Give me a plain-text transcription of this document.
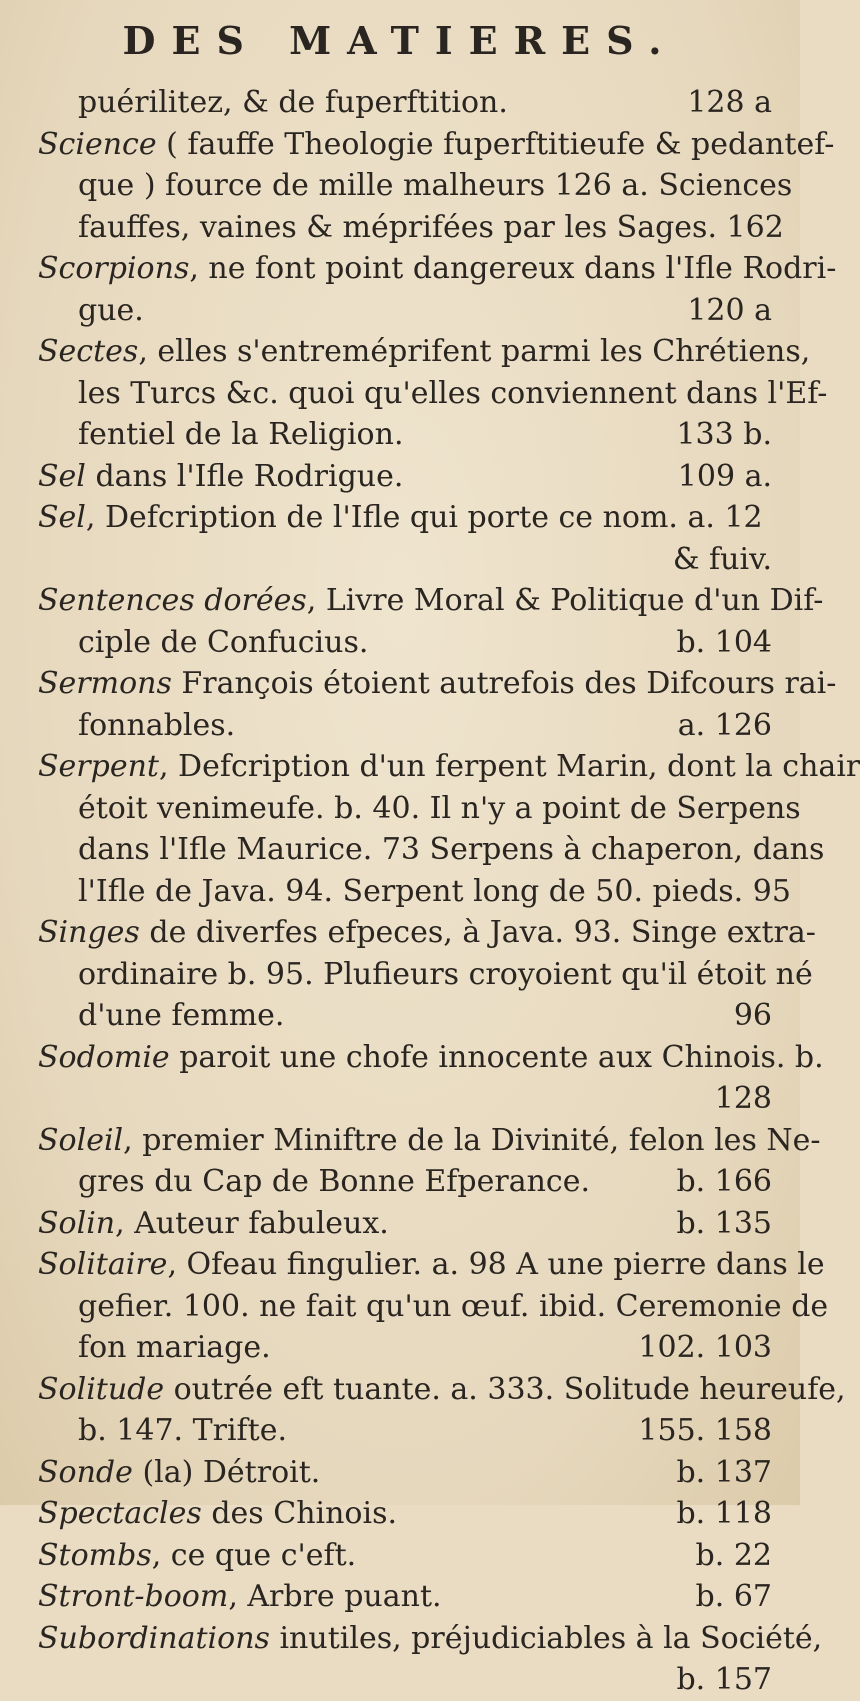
DES MATIERES.
puérilitez, & de fuperftition.	128 a
Science ( fauffe Theologie fuperftitieufe & pedantef-
que ) fource de mille malheurs 126 a. Sciences
fauffes, vaines & méprifées par les Sages. 162
Scorpions, ne font point dangereux dans l'Ifle Rodri-
gue.	120 a
Sectes, elles s'entreméprifent parmi les Chrétiens,
les Turcs &c. quoi qu'elles conviennent dans l'Ef-
fentiel de la Religion.	133 b.
Sel dans l'Ifle Rodrigue.	109 a.
Sel, Defcription de l'Ifle qui porte ce nom. a. 12
& fuiv.
Sentences dorées, Livre Moral & Politique d'un Dif-
ciple de Confucius.	b. 104
Sermons François étoient autrefois des Difcours rai-
fonnables.	a. 126
Serpent, Defcription d'un ferpent Marin, dont la chair
étoit venimeufe. b. 40. Il n'y a point de Serpens
dans l'Ifle Maurice. 73 Serpens à chaperon, dans
l'Ifle de Java. 94. Serpent long de 50. pieds. 95
Singes de diverfes efpeces, à Java. 93. Singe extra-
ordinaire b. 95. Plufieurs croyoient qu'il étoit né
d'une femme.	96
Sodomie paroit une chofe innocente aux Chinois. b.
128
Soleil, premier Miniftre de la Divinité, felon les Ne-
gres du Cap de Bonne Efperance.	b. 166
Solin, Auteur fabuleux.	b. 135
Solitaire, Ofeau fingulier. a. 98 A une pierre dans le
gefier. 100. ne fait qu'un œuf. ibid. Ceremonie de
fon mariage.	102. 103
Solitude outrée eft tuante. a. 333. Solitude heureufe,
b. 147. Trifte.	155. 158
Sonde (la) Détroit.	b. 137
Spectacles des Chinois.	b. 118
Stombs, ce que c'eft.	b. 22
Stront-boom, Arbre puant.	b. 67
Subordinations inutiles, préjudiciables à la Société,
b. 157
